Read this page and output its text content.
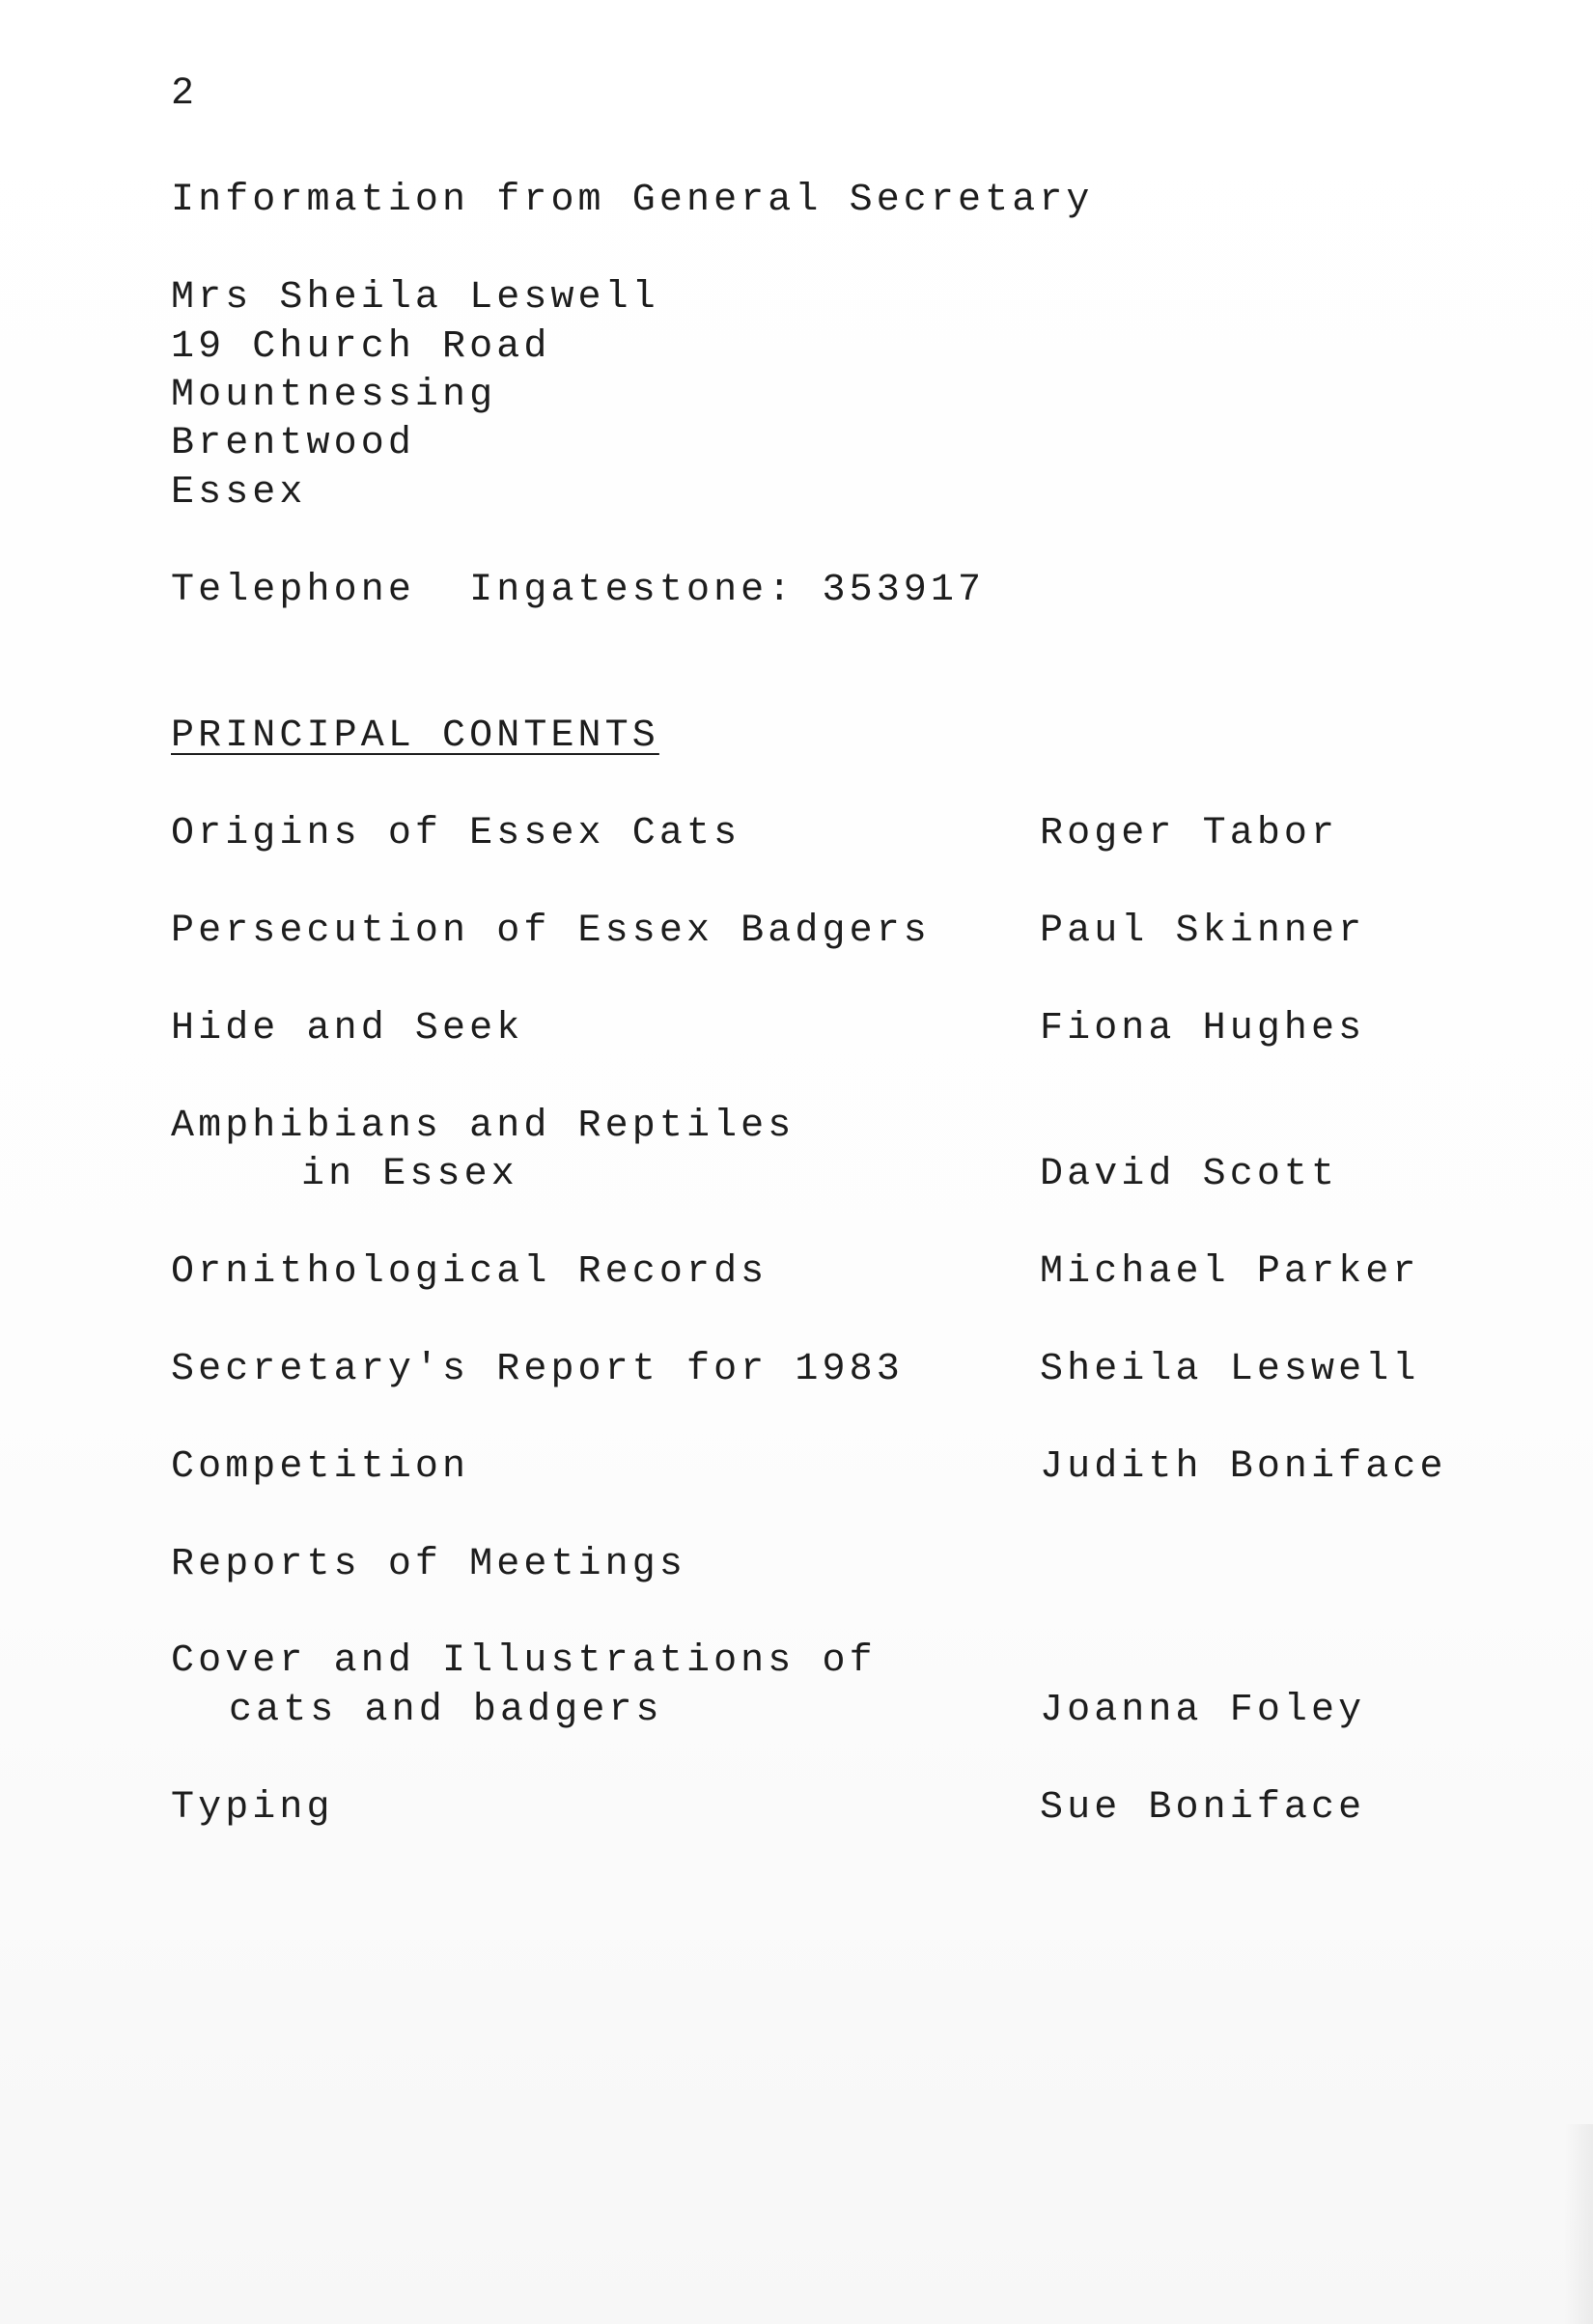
2
Information from General Secretary
Mrs Sheila Leswell
19 Church Road
Mountnessing
Brentwood
Essex
Telephone  Ingatestone: 353917
PRINCIPAL CONTENTS
Origins of Essex Cats	Roger Tabor
Persecution of Essex Badgers	Paul Skinner
Hide and Seek	Fiona Hughes
Amphibians and Reptiles
in Essex	David Scott
Ornithological Records	Michael Parker
Secretary's Report for 1983	Sheila Leswell
Competition	Judith Boniface
Reports of Meetings
Cover and Illustrations of
cats and badgers	Joanna Foley
Typing	Sue Boniface
